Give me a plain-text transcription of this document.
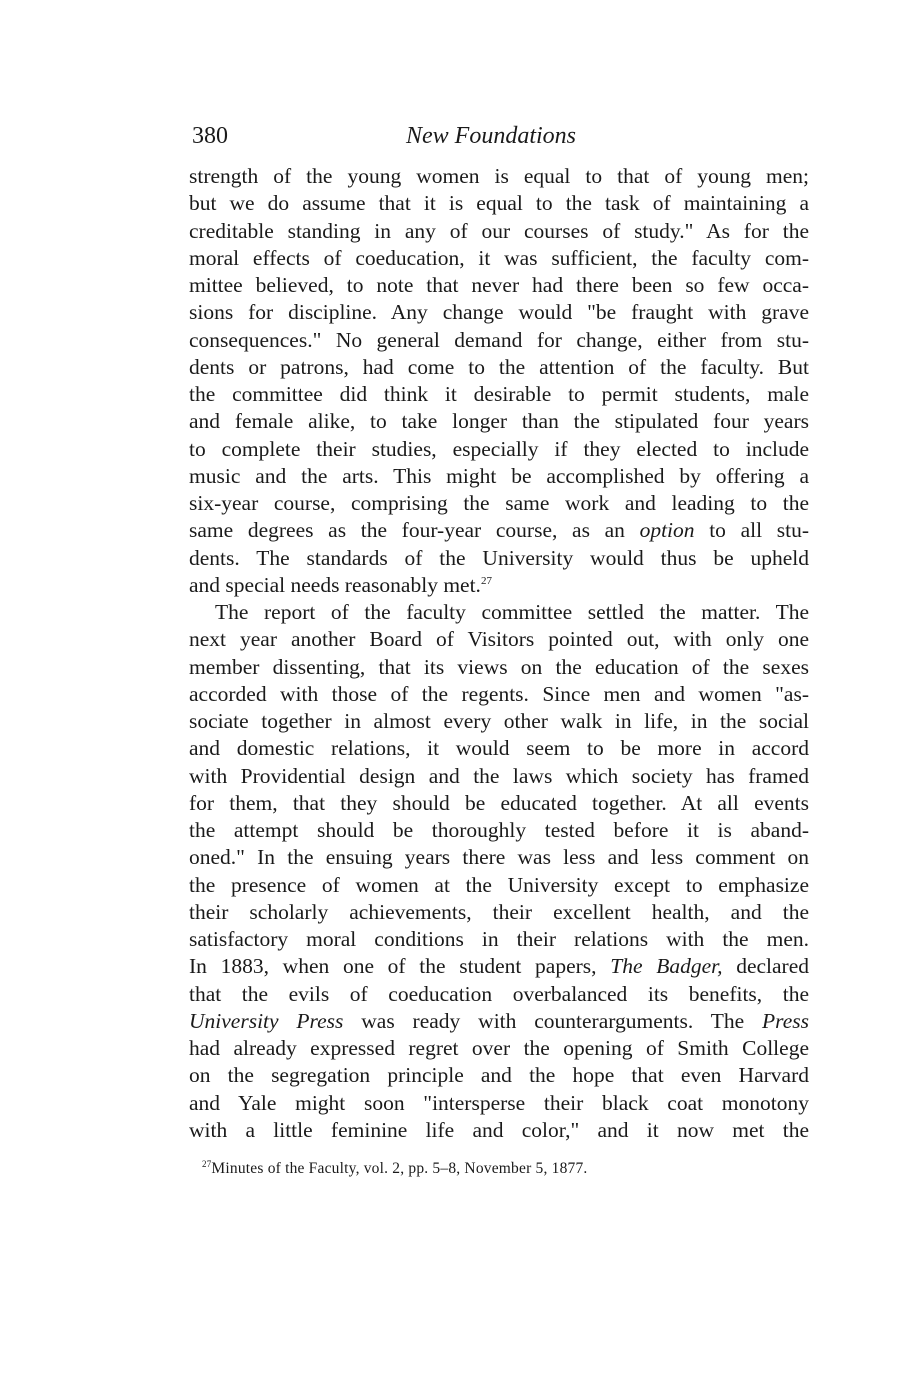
380	New Foundations
strength of the young women is equal to that of young men;
but we do assume that it is equal to the task of maintaining a
creditable standing in any of our courses of study." As for the
moral effects of coeducation, it was sufficient, the faculty com-
mittee believed, to note that never had there been so few occa-
sions for discipline. Any change would "be fraught with grave
consequences." No general demand for change, either from stu-
dents or patrons, had come to the attention of the faculty. But
the committee did think it desirable to permit students, male
and female alike, to take longer than the stipulated four years
to complete their studies, especially if they elected to include
music and the arts. This might be accomplished by offering a
six-year course, comprising the same work and leading to the
same degrees as the four-year course, as an option to all stu-
dents. The standards of the University would thus be upheld
and special needs reasonably met.$^{27}$
The report of the faculty committee settled the matter. The
next year another Board of Visitors pointed out, with only one
member dissenting, that its views on the education of the sexes
accorded with those of the regents. Since men and women "as-
sociate together in almost every other walk in life, in the social
and domestic relations, it would seem to be more in accord
with Providential design and the laws which society has framed
for them, that they should be educated together. At all events
the attempt should be thoroughly tested before it is aband-
oned." In the ensuing years there was less and less comment on
the presence of women at the University except to emphasize
their scholarly achievements, their excellent health, and the
satisfactory moral conditions in their relations with the men.
In 1883, when one of the student papers, The Badger, declared
that the evils of coeducation overbalanced its benefits, the
University Press was ready with counterarguments. The Press
had already expressed regret over the opening of Smith College
on the segregation principle and the hope that even Harvard
and Yale might soon "intersperse their black coat monotony
with a little feminine life and color," and it now met the
$^{27}$Minutes of the Faculty, vol. 2, pp. 5–8, November 5, 1877.
